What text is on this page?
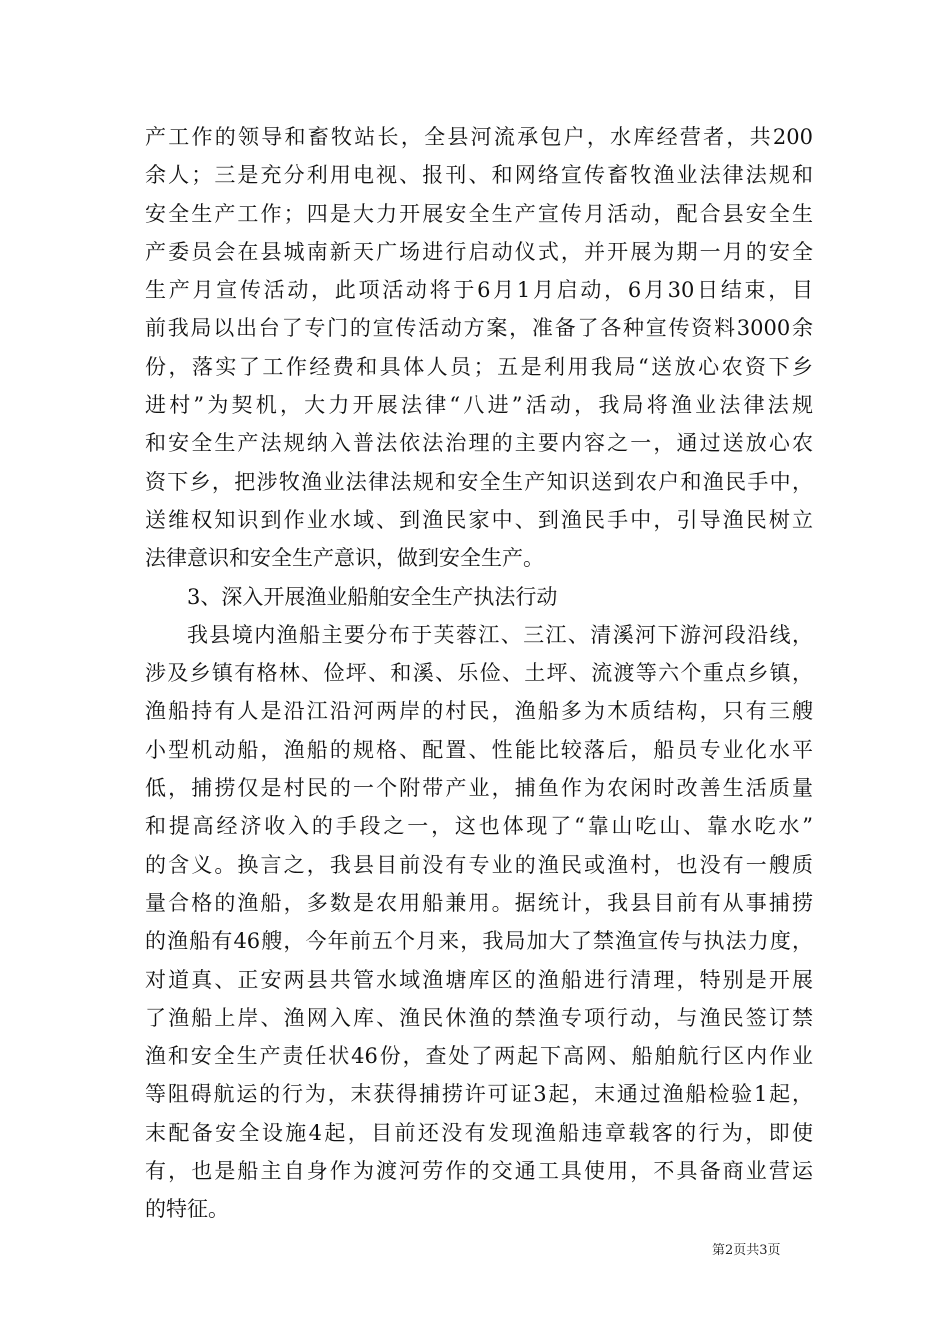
产工作的领导和畜牧站长，全县河流承包户，水库经营者，共200
余人；三是充分利用电视、报刊、和网络宣传畜牧渔业法律法规和
安全生产工作；四是大力开展安全生产宣传月活动，配合县安全生
产委员会在县城南新天广场进行启动仪式，并开展为期一月的安全
生产月宣传活动，此项活动将于6月1月启动，6月30日结束，目
前我局以出台了专门的宣传活动方案，准备了各种宣传资料3000余
份，落实了工作经费和具体人员；五是利用我局“送放心农资下乡
进村”为契机，大力开展法律“八进”活动，我局将渔业法律法规
和安全生产法规纳入普法依法治理的主要内容之一，通过送放心农
资下乡，把涉牧渔业法律法规和安全生产知识送到农户和渔民手中，
送维权知识到作业水域、到渔民家中、到渔民手中，引导渔民树立
法律意识和安全生产意识，做到安全生产。
3、深入开展渔业船舶安全生产执法行动
我县境内渔船主要分布于芙蓉江、三江、清溪河下游河段沿线，
涉及乡镇有格林、俭坪、和溪、乐俭、土坪、流渡等六个重点乡镇，
渔船持有人是沿江沿河两岸的村民，渔船多为木质结构，只有三艘
小型机动船，渔船的规格、配置、性能比较落后，船员专业化水平
低，捕捞仅是村民的一个附带产业，捕鱼作为农闲时改善生活质量
和提高经济收入的手段之一，这也体现了“靠山吃山、靠水吃水”
的含义。换言之，我县目前没有专业的渔民或渔村，也没有一艘质
量合格的渔船，多数是农用船兼用。据统计，我县目前有从事捕捞
的渔船有46艘，今年前五个月来，我局加大了禁渔宣传与执法力度，
对道真、正安两县共管水域渔塘库区的渔船进行清理，特别是开展
了渔船上岸、渔网入库、渔民休渔的禁渔专项行动，与渔民签订禁
渔和安全生产责任状46份，查处了两起下高网、船舶航行区内作业
等阻碍航运的行为，末获得捕捞许可证3起，末通过渔船检验1起，
末配备安全设施4起，目前还没有发现渔船违章载客的行为，即使
有，也是船主自身作为渡河劳作的交通工具使用，不具备商业营运
的特征。
第2页共3页
